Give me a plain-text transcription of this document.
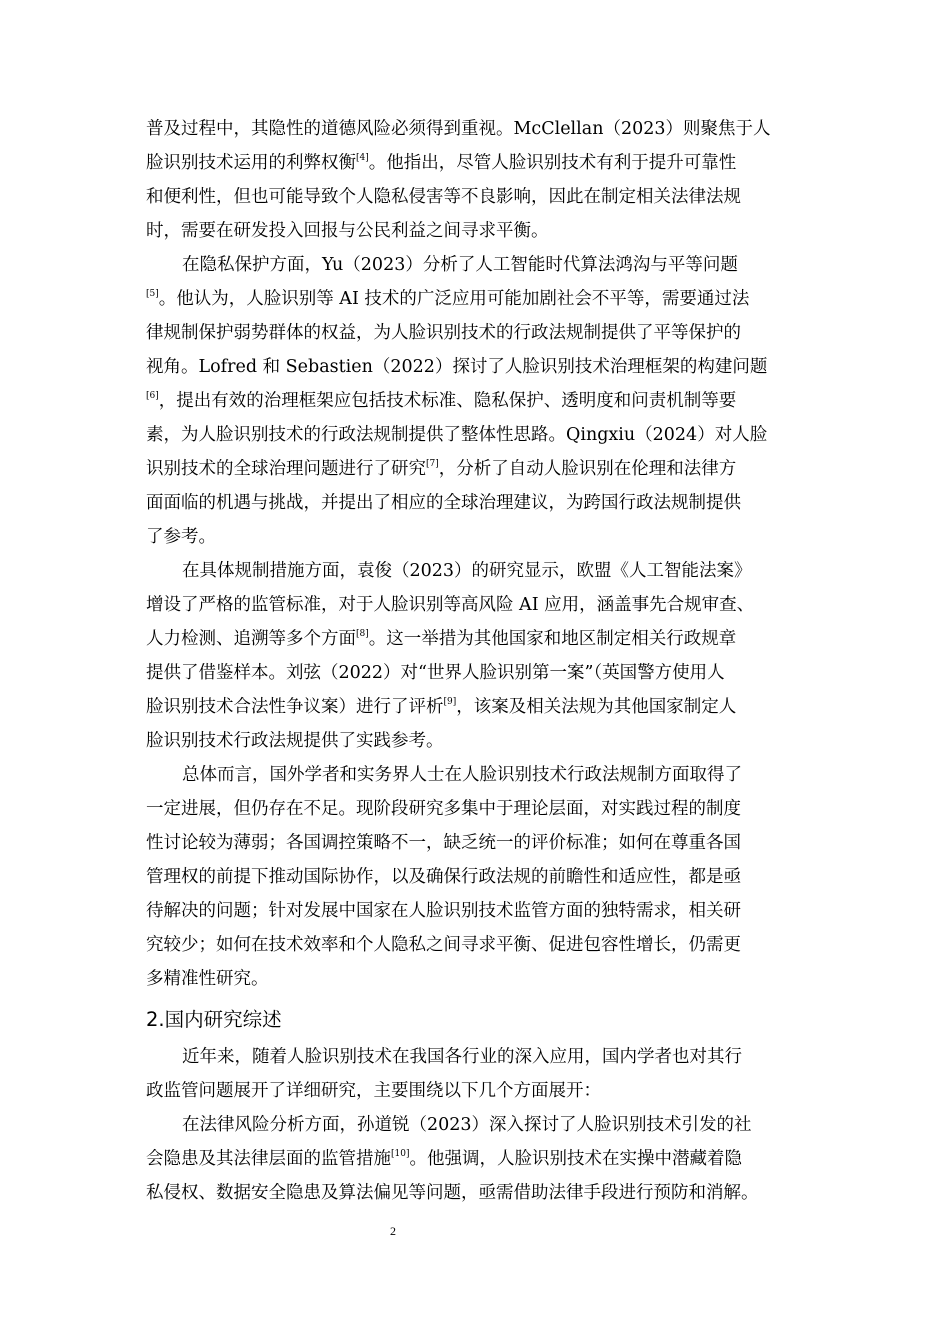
普及过程中，其隐性的道德风险必须得到重视。McClellan（2023）则聚焦于人
脸识别技术运用的利弊权衡[4]。他指出，尽管人脸识别技术有利于提升可靠性
和便利性，但也可能导致个人隐私侵害等不良影响，因此在制定相关法律法规
时，需要在研发投入回报与公民利益之间寻求平衡。
在隐私保护方面，Yu（2023）分析了人工智能时代算法鸿沟与平等问题
[5]。他认为，人脸识别等 AI 技术的广泛应用可能加剧社会不平等，需要通过法
律规制保护弱势群体的权益，为人脸识别技术的行政法规制提供了平等保护的
视角。Lofred 和 Sebastien（2022）探讨了人脸识别技术治理框架的构建问题
[6]，提出有效的治理框架应包括技术标准、隐私保护、透明度和问责机制等要
素，为人脸识别技术的行政法规制提供了整体性思路。Qingxiu（2024）对人脸
识别技术的全球治理问题进行了研究[7]，分析了自动人脸识别在伦理和法律方
面面临的机遇与挑战，并提出了相应的全球治理建议，为跨国行政法规制提供
了参考。
在具体规制措施方面，袁俊（2023）的研究显示，欧盟《人工智能法案》
增设了严格的监管标准，对于人脸识别等高风险 AI 应用，涵盖事先合规审查、
人力检测、追溯等多个方面[8]。这一举措为其他国家和地区制定相关行政规章
提供了借鉴样本。刘弦（2022）对“世界人脸识别第一案”（英国警方使用人
脸识别技术合法性争议案）进行了评析[9]，该案及相关法规为其他国家制定人
脸识别技术行政法规提供了实践参考。
总体而言，国外学者和实务界人士在人脸识别技术行政法规制方面取得了
一定进展，但仍存在不足。现阶段研究多集中于理论层面，对实践过程的制度
性讨论较为薄弱；各国调控策略不一，缺乏统一的评价标准；如何在尊重各国
管理权的前提下推动国际协作，以及确保行政法规的前瞻性和适应性，都是亟
待解决的问题；针对发展中国家在人脸识别技术监管方面的独特需求，相关研
究较少；如何在技术效率和个人隐私之间寻求平衡、促进包容性增长，仍需更
多精准性研究。
2.国内研究综述
近年来，随着人脸识别技术在我国各行业的深入应用，国内学者也对其行
政监管问题展开了详细研究，主要围绕以下几个方面展开：
在法律风险分析方面，孙道锐（2023）深入探讨了人脸识别技术引发的社
会隐患及其法律层面的监管措施[10]。他强调，人脸识别技术在实操中潜藏着隐
私侵权、数据安全隐患及算法偏见等问题，亟需借助法律手段进行预防和消解。
2
